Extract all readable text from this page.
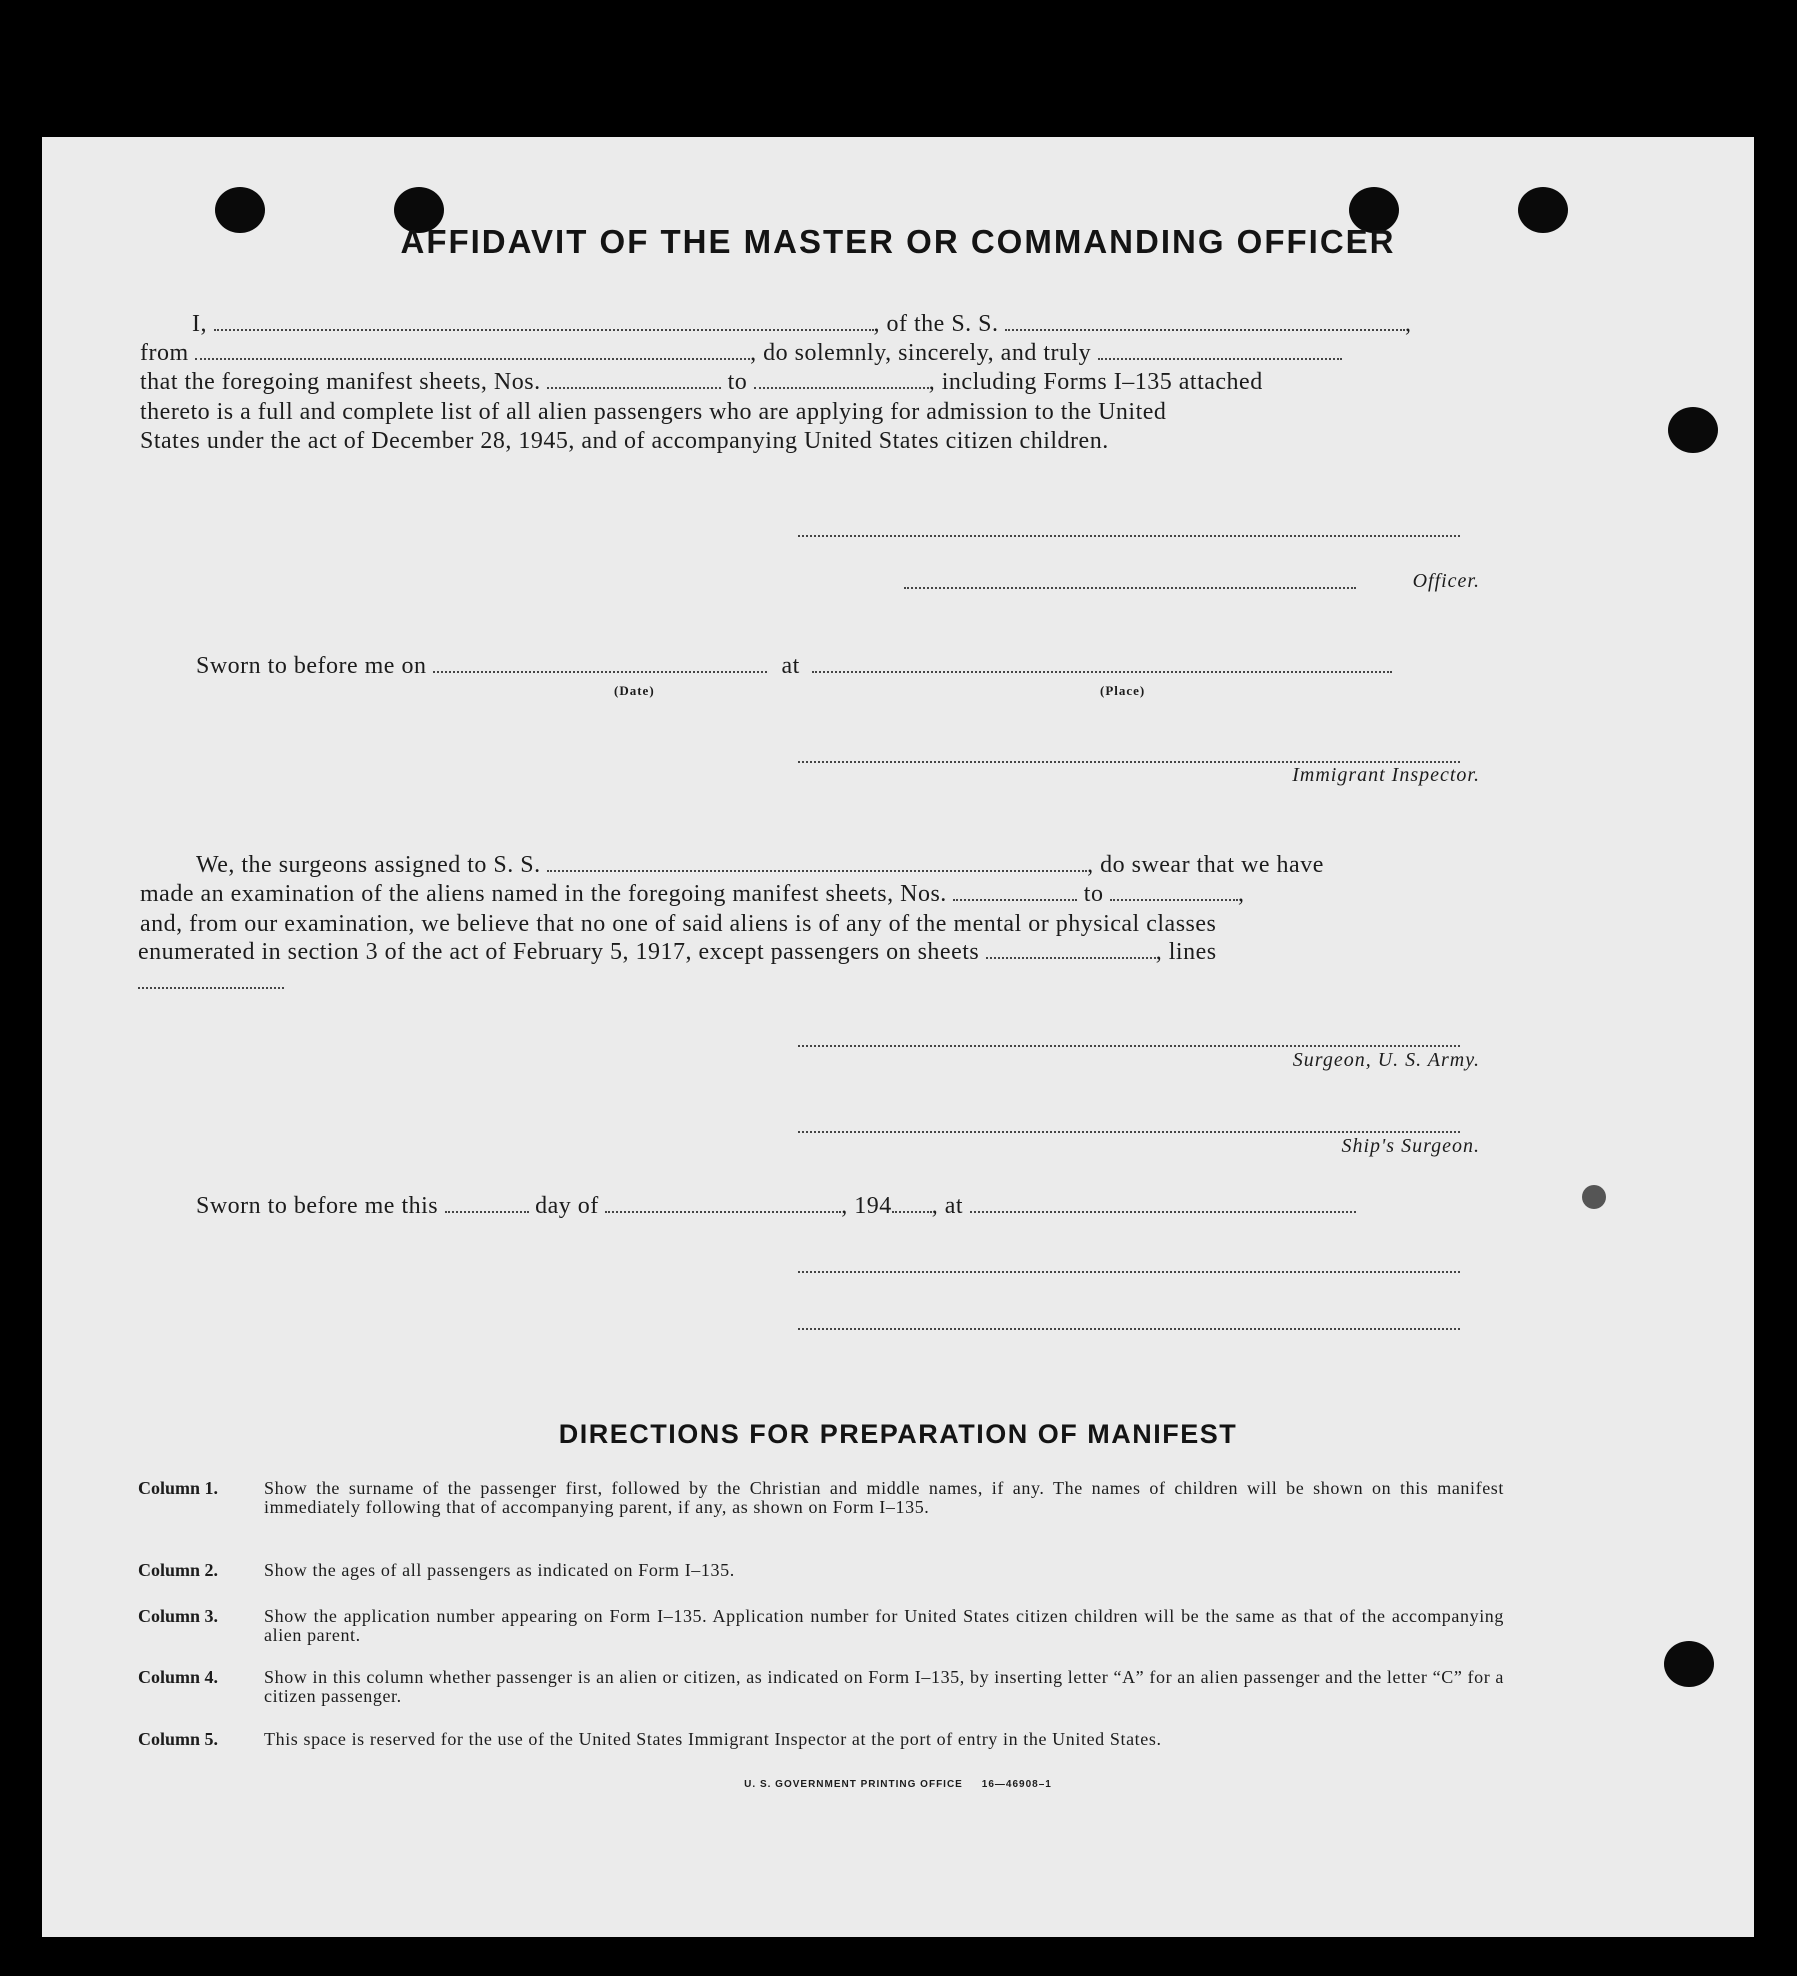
AFFIDAVIT OF THE MASTER OR COMMANDING OFFICER
I,	, of the S. S.	,
from	, do solemnly, sincerely, and truly
that the foregoing manifest sheets, Nos.	to	, including Forms I–135 attached
thereto is a full and complete list of all alien passengers who are applying for admission to the United
States under the act of December 28, 1945, and of accompanying United States citizen children.
Officer.
Sworn to before me on	at
(Date)	(Place)
Immigrant Inspector.
We, the surgeons assigned to S. S.	, do swear that we have
made an examination of the aliens named in the foregoing manifest sheets, Nos.	to	,
and, from our examination, we believe that no one of said aliens is of any of the mental or physical classes
enumerated in section 3 of the act of February 5, 1917, except passengers on sheets	, lines
Surgeon, U. S. Army.
Ship's Surgeon.
Sworn to before me this	day of	, 194 , at
DIRECTIONS FOR PREPARATION OF MANIFEST
Column 1.	Show the surname of the passenger first, followed by the Christian and middle names, if any. The names of children will be shown on this manifest immediately following that of accompanying parent, if any, as shown on Form I–135.
Column 2.	Show the ages of all passengers as indicated on Form I–135.
Column 3.	Show the application number appearing on Form I–135. Application number for United States citizen children will be the same as that of the accompanying alien parent.
Column 4.	Show in this column whether passenger is an alien or citizen, as indicated on Form I–135, by inserting letter “A” for an alien passenger and the letter “C” for a citizen passenger.
Column 5.	This space is reserved for the use of the United States Immigrant Inspector at the port of entry in the United States.
U. S. GOVERNMENT PRINTING OFFICE 16—46908–1
